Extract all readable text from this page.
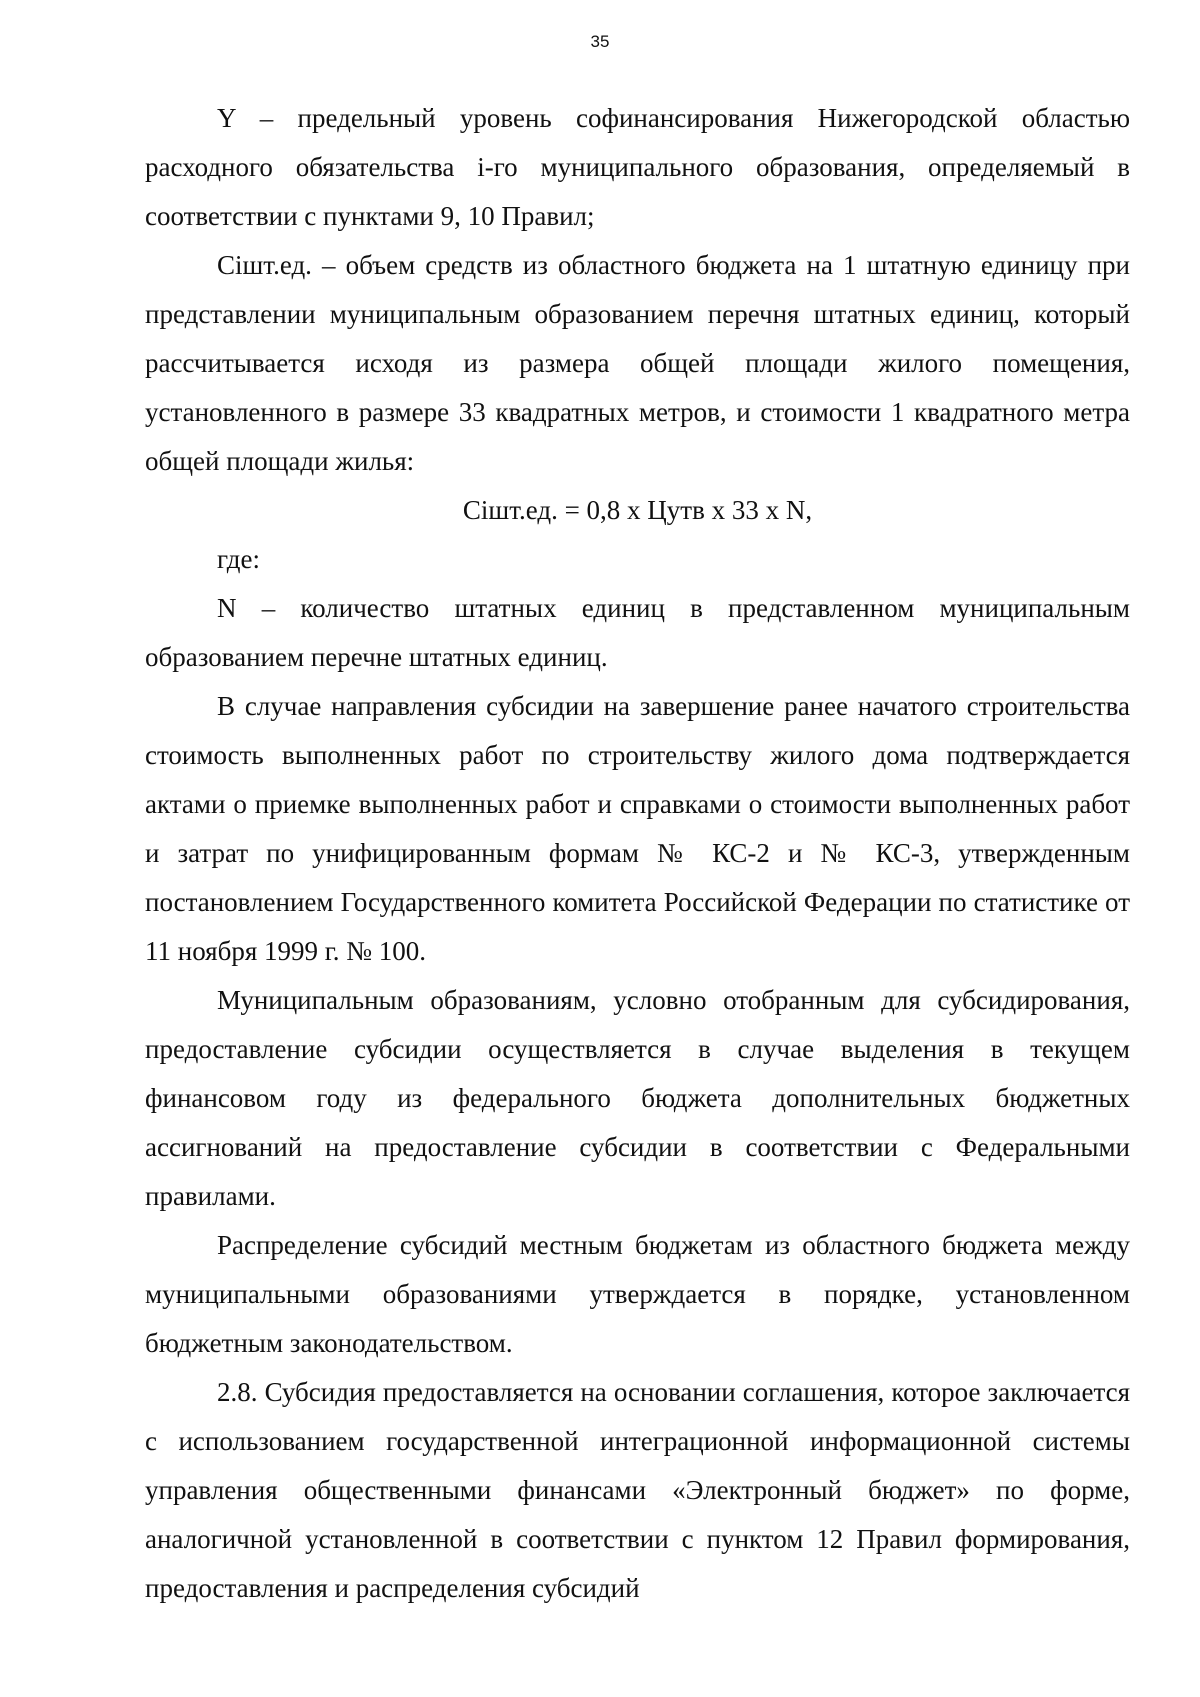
35

Y – предельный уровень софинансирования Нижегородской областью расходного обязательства i-го муниципального образования, определяемый в соответствии с пунктами 9, 10 Правил;

Cішт.ед. – объем средств из областного бюджета на 1 штатную единицу при представлении муниципальным образованием перечня штатных единиц, который рассчитывается исходя из размера общей площади жилого помещения, установленного в размере 33 квадратных метров, и стоимости 1 квадратного метра общей площади жилья:

Cішт.ед. = 0,8 х Цутв х 33 х N,

где:

N – количество штатных единиц в представленном муниципальным образованием перечне штатных единиц.

В случае направления субсидии на завершение ранее начатого строительства стоимость выполненных работ по строительству жилого дома подтверждается актами о приемке выполненных работ и справками о стоимости выполненных работ и затрат по унифицированным формам № КС-2 и № КС-3, утвержденным постановлением Государственного комитета Российской Федерации по статистике от 11 ноября 1999 г. № 100.

Муниципальным образованиям, условно отобранным для субсидирования, предоставление субсидии осуществляется в случае выделения в текущем финансовом году из федерального бюджета дополнительных бюджетных ассигнований на предоставление субсидии в соответствии с Федеральными правилами.

Распределение субсидий местным бюджетам из областного бюджета между муниципальными образованиями утверждается в порядке, установленном бюджетным законодательством.

2.8. Субсидия предоставляется на основании соглашения, которое заключается с использованием государственной интеграционной информационной системы управления общественными финансами «Электронный бюджет» по форме, аналогичной установленной в соответствии с пунктом 12 Правил формирования, предоставления и распределения субсидий
